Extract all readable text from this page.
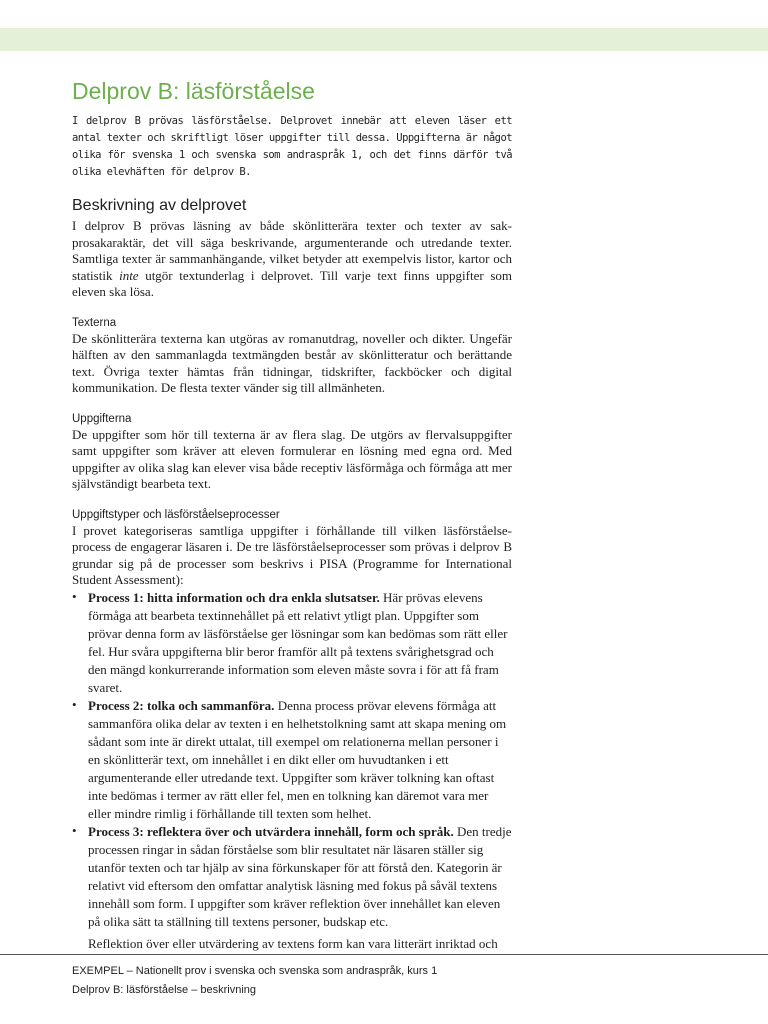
Delprov B: läsförståelse

I delprov B prövas läsförståelse. Delprovet innebär att eleven läser ett antal texter och skriftligt löser uppgifter till dessa. Uppgifterna är något olika för svenska 1 och svenska som andraspråk 1, och det finns därför två olika elevhäften för delprov B.

Beskrivning av delprovet

I delprov B prövas läsning av både skönlitterära texter och texter av sakprosakaraktär, det vill säga beskrivande, argumenterande och utredande texter. Samtliga texter är sammanhängande, vilket betyder att exempelvis listor, kartor och statistik inte utgör textunderlag i delprovet. Till varje text finns uppgifter som eleven ska lösa.

Texterna

De skönlitterära texterna kan utgöras av romanutdrag, noveller och dikter. Ungefär hälften av den sammanlagda textmängden består av skönlitteratur och berättande text. Övriga texter hämtas från tidningar, tidskrifter, fackböcker och digital kommunikation. De flesta texter vänder sig till allmänheten.

Uppgifterna

De uppgifter som hör till texterna är av flera slag. De utgörs av flervalsuppgifter samt uppgifter som kräver att eleven formulerar en lösning med egna ord. Med uppgifter av olika slag kan elever visa både receptiv läsförmåga och förmåga att mer självständigt bearbeta text.

Uppgiftstyper och läsförståelseprocesser

I provet kategoriseras samtliga uppgifter i förhållande till vilken läsförståelseprocess de engagerar läsaren i. De tre läsförståelseprocesser som prövas i delprov B grundar sig på de processer som beskrivs i PISA (Programme for International Student Assessment):

• Process 1: hitta information och dra enkla slutsatser. Här prövas elevens förmåga att bearbeta textinnehållet på ett relativt ytligt plan. Uppgifter som prövar denna form av läsförståelse ger lösningar som kan bedömas som rätt eller fel. Hur svåra uppgifterna blir beror framför allt på textens svårighetsgrad och den mängd konkurrerande information som eleven måste sovra i för att få fram svaret.

• Process 2: tolka och sammanföra. Denna process prövar elevens förmåga att sammanföra olika delar av texten i en helhetstolkning samt att skapa mening om sådant som inte är direkt uttalat, till exempel om relationerna mellan personer i en skönlitterär text, om innehållet i en dikt eller om huvudtanken i ett argumenterande eller utredande text. Uppgifter som kräver tolkning kan oftast inte bedömas i termer av rätt eller fel, men en tolkning kan däremot vara mer eller mindre rimlig i förhållande till texten som helhet.

• Process 3: reflektera över och utvärdera innehåll, form och språk. Den tredje processen ringar in sådan förståelse som blir resultatet när läsaren ställer sig utanför texten och tar hjälp av sina förkunskaper för att förstå den. Kategorin är relativt vid eftersom den omfattar analytisk läsning med fokus på såväl textens innehåll som form. I uppgifter som kräver reflektion över innehållet kan eleven på olika sätt ta ställning till textens personer, budskap etc.

Reflektion över eller utvärdering av textens form kan vara litterärt inriktad och

EXEMPEL – Nationellt prov i svenska och svenska som andraspråk, kurs 1
Delprov B: läsförståelse – beskrivning
